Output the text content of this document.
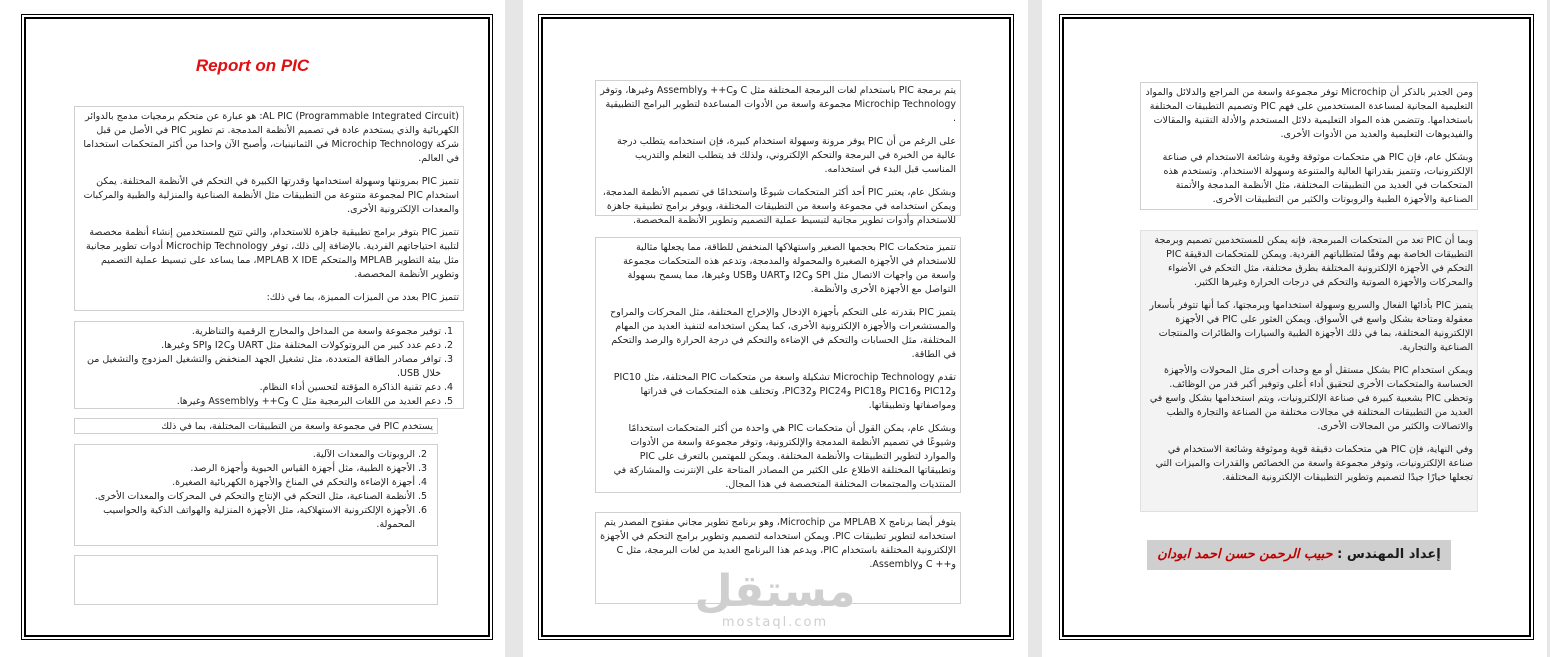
Report on PIC

AL PIC (Programmable Integrated Circuit): هو عبارة عن متحكم برمجيات مدمج بالدوائر الكهربائية والذي يستخدم عادة في تصميم الأنظمة المدمجة. تم تطوير PIC في الأصل من قبل شركة Microchip Technology في الثمانينيات، وأصبح الآن واحدا من أكثر المتحكمات استخداما في العالم.

تتميز PIC بمرونتها وسهولة استخدامها وقدرتها الكبيرة في التحكم في الأنظمة المختلفة. يمكن استخدام PIC لمجموعة متنوعة من التطبيقات مثل الأنظمة الصناعية والمنزلية والطبية والمركبات والمعدات الإلكترونية الأخرى.

تتميز PIC بتوفر برامج تطبيقية جاهزة للاستخدام، والتي تتيح للمستخدمين إنشاء أنظمة مخصصة لتلبية احتياجاتهم الفردية. بالإضافة إلى ذلك، توفر Microchip Technology أدوات تطوير مجانية مثل بيئة التطوير MPLAB والمتحكم MPLAB X IDE، مما يساعد على تبسيط عملية التصميم وتطوير الأنظمة المخصصة.

تتميز PIC بعدد من الميزات المميزة، بما في ذلك:

1. توفير مجموعة واسعة من المداخل والمخارج الرقمية والتناظرية.
2. دعم عدد كبير من البروتوكولات المختلفة مثل UART وI2C وSPI وغيرها.
3. توافر مصادر الطاقة المتعددة، مثل تشغيل الجهد المنخفض والتشغيل المزدوج والتشغيل من خلال USB.
4. دعم تقنية الذاكرة المؤقتة لتحسين أداء النظام.
5. دعم العديد من اللغات البرمجية مثل C وC++ وAssembly وغيرها.
يستخدم PIC في مجموعة واسعة من التطبيقات المختلفة، بما في ذلك
2. الروبوتات والمعدات الآلية.
3. الأجهزة الطبية، مثل أجهزة القياس الحيوية وأجهزة الرصد.
4. أجهزة الإضاءة والتحكم في المناخ والأجهزة الكهربائية الصغيرة.
5. الأنظمة الصناعية، مثل التحكم في الإنتاج والتحكم في المحركات والمعدات الأخرى.
6. الأجهزة الإلكترونية الاستهلاكية، مثل الأجهزة المنزلية والهواتف الذكية والحواسيب المحمولة.

يتم برمجة PIC باستخدام لغات البرمجة المختلفة مثل C وC++ وAssembly وغيرها، وتوفر Microchip Technology مجموعة واسعة من الأدوات المساعدة لتطوير البرامج التطبيقية .

على الرغم من أن PIC يوفر مرونة وسهولة استخدام كبيرة، فإن استخدامه يتطلب درجة عالية من الخبرة في البرمجة والتحكم الإلكتروني، ولذلك قد يتطلب التعلم والتدريب المناسب قبل البدء في استخدامه.

وبشكل عام، يعتبر PIC أحد أكثر المتحكمات شيوعًا واستخدامًا في تصميم الأنظمة المدمجة، ويمكن استخدامه في مجموعة واسعة من التطبيقات المختلفة، ويوفر برامج تطبيقية جاهزة للاستخدام وأدوات تطوير مجانية لتبسيط عملية التصميم وتطوير الأنظمة المخصصة.

تتميز متحكمات PIC بحجمها الصغير واستهلاكها المنخفض للطاقة، مما يجعلها مثالية للاستخدام في الأجهزة الصغيرة والمحمولة والمدمجة، وتدعم هذه المتحكمات مجموعة واسعة من واجهات الاتصال مثل SPI وI2C وUART وUSB وغيرها، مما يسمح بسهولة التواصل مع الأجهزة الأخرى والأنظمة.

يتميز PIC بقدرته على التحكم بأجهزة الإدخال والإخراج المختلفة، مثل المحركات والمراوح والمستشعرات والأجهزة الإلكترونية الأخرى، كما يمكن استخدامه لتنفيذ العديد من المهام المختلفة، مثل الحسابات والتحكم في الإضاءة والتحكم في درجة الحرارة والرصد والتحكم في الطاقة.

تقدم Microchip Technology تشكيلة واسعة من متحكمات PIC المختلفة، مثل PIC10 وPIC12 وPIC16 وPIC18 وPIC24 وPIC32، وتختلف هذه المتحكمات في قدراتها ومواصفاتها وتطبيقاتها.

وبشكل عام، يمكن القول أن متحكمات PIC هي واحدة من أكثر المتحكمات استخدامًا وشيوعًا في تصميم الأنظمة المدمجة والإلكترونية، وتوفر مجموعة واسعة من الأدوات والموارد لتطوير التطبيقات والأنظمة المختلفة. ويمكن للمهتمين بالتعرف على PIC وتطبيقاتها المختلفة الاطلاع على الكثير من المصادر المتاحة على الإنترنت والمشاركة في المنتديات والمجتمعات المختلفة المتخصصة في هذا المجال.

يتوفر أيضا برنامج MPLAB X من Microchip، وهو برنامج تطوير مجاني مفتوح المصدر يتم استخدامه لتطوير تطبيقات PIC. ويمكن استخدامه لتصميم وتطوير برامج التحكم في الأجهزة الإلكترونية المختلفة باستخدام PIC، ويدعم هذا البرنامج العديد من لغات البرمجة، مثل C و++ C وAssembly.

ومن الجدير بالذكر أن Microchip توفر مجموعة واسعة من المراجع والدلائل والمواد التعليمية المجانية لمساعدة المستخدمين على فهم PIC وتصميم التطبيقات المختلفة باستخدامها. وتتضمن هذه المواد التعليمية دلائل المستخدم والأدلة التقنية والمقالات والفيديوهات التعليمية والعديد من الأدوات الأخرى.

وبشكل عام، فإن PIC هي متحكمات موثوقة وقوية وشائعة الاستخدام في صناعة الإلكترونيات، وتتميز بقدراتها العالية والمتنوعة وسهولة الاستخدام. وتستخدم هذه المتحكمات في العديد من التطبيقات المختلفة، مثل الأنظمة المدمجة والأتمتة الصناعية والأجهزة الطبية والروبوتات والكثير من التطبيقات الأخرى.

وبما أن PIC تعد من المتحكمات المبرمجة، فإنه يمكن للمستخدمين تصميم وبرمجة التطبيقات الخاصة بهم وفقًا لمتطلباتهم الفردية. ويمكن للمتحكمات الدقيقة PIC التحكم في الأجهزة الإلكترونية المختلفة بطرق مختلفة، مثل التحكم في الأضواء والمحركات والأجهزة الصوتية والتحكم في درجات الحرارة وغيرها الكثير.

يتميز PIC بأدائها الفعال والسريع وسهولة استخدامها وبرمجتها، كما أنها تتوفر بأسعار معقولة ومتاحة بشكل واسع في الأسواق. ويمكن العثور على PIC في الأجهزة الإلكترونية المختلفة، بما في ذلك الأجهزة الطبية والسيارات والطائرات والمنتجات الصناعية والتجارية.

ويمكن استخدام PIC بشكل مستقل أو مع وحدات أخرى مثل المحولات والأجهزة الحساسة والمتحكمات الأخرى لتحقيق أداء أعلى وتوفير أكبر قدر من الوظائف. وتحظى PIC بشعبية كبيرة في صناعة الإلكترونيات، ويتم استخدامها بشكل واسع في العديد من التطبيقات المختلفة في مجالات مختلفة من الصناعة والتجارة والطب والاتصالات والكثير من المجالات الأخرى.

وفي النهاية، فإن PIC هي متحكمات دقيقة قوية وموثوقة وشائعة الاستخدام في صناعة الإلكترونيات، وتوفر مجموعة واسعة من الخصائص والقدرات والميزات التي تجعلها خيارًا جيدًا لتصميم وتطوير التطبيقات الإلكترونية المختلفة.

إعداد المهندس : حبيب الرحمن حسن احمد ابودان
مستقل
mostaql.com
